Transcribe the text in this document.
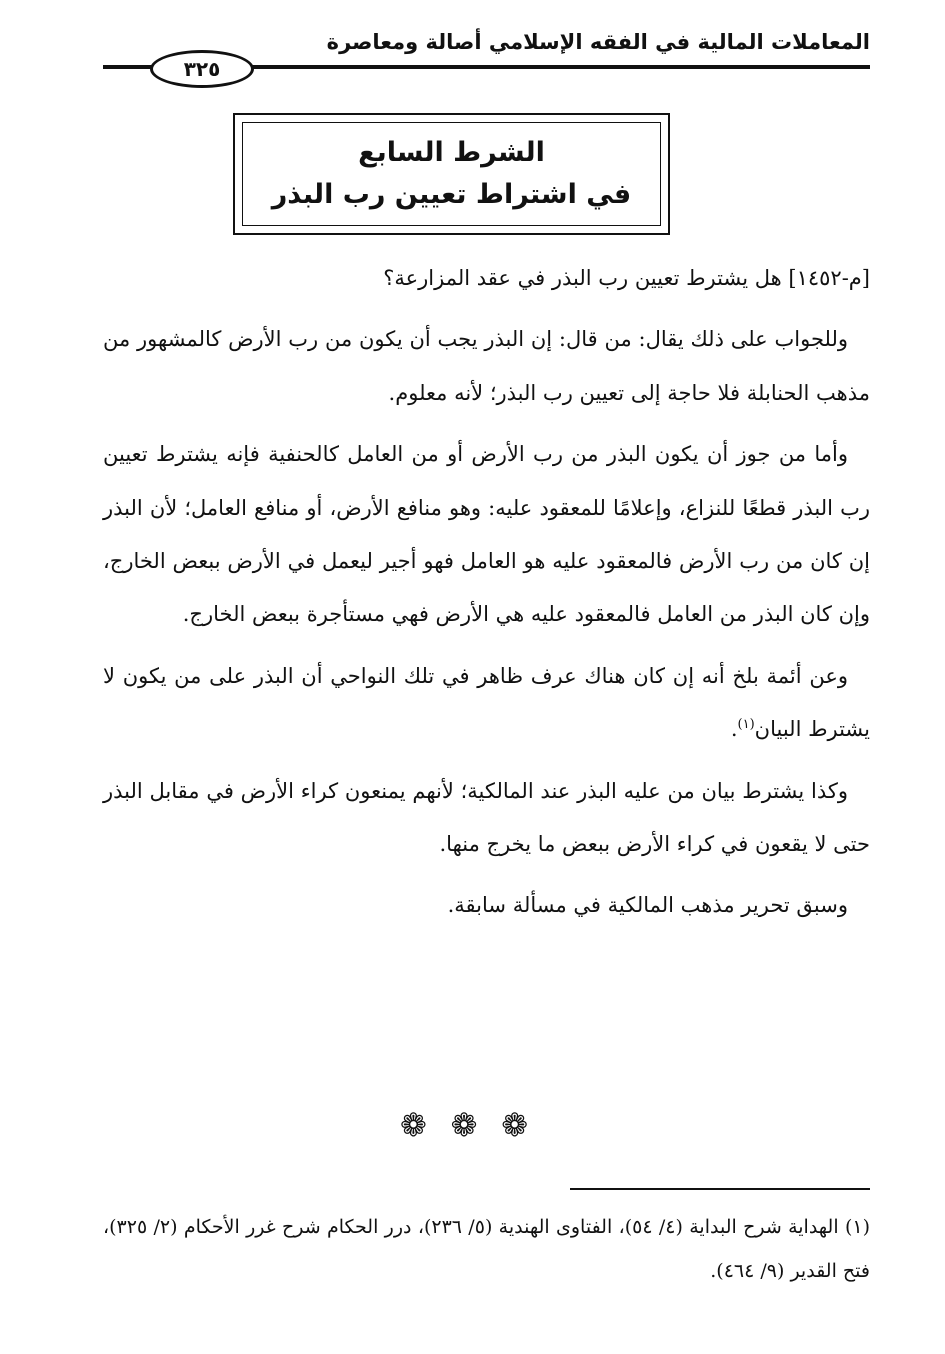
المعاملات المالية في الفقه الإسلامي أصالة ومعاصرة
٣٢٥
الشرط السابع
في اشتراط تعيين رب البذر

[م-١٤٥٢] هل يشترط تعيين رب البذر في عقد المزارعة؟

وللجواب على ذلك يقال: من قال: إن البذر يجب أن يكون من رب الأرض كالمشهور من مذهب الحنابلة فلا حاجة إلى تعيين رب البذر؛ لأنه معلوم.

وأما من جوز أن يكون البذر من رب الأرض أو من العامل كالحنفية فإنه يشترط تعيين رب البذر قطعًا للنزاع، وإعلامًا للمعقود عليه: وهو منافع الأرض، أو منافع العامل؛ لأن البذر إن كان من رب الأرض فالمعقود عليه هو العامل فهو أجير ليعمل في الأرض ببعض الخارج، وإن كان البذر من العامل فالمعقود عليه هي الأرض فهي مستأجرة ببعض الخارج.

وعن أئمة بلخ أنه إن كان هناك عرف ظاهر في تلك النواحي أن البذر على من يكون لا يشترط البيان$^{(١)}$.

وكذا يشترط بيان من عليه البذر عند المالكية؛ لأنهم يمنعون كراء الأرض في مقابل البذر حتى لا يقعون في كراء الأرض ببعض ما يخرج منها.

وسبق تحرير مذهب المالكية في مسألة سابقة.

❁ ❁ ❁
(١) الهداية شرح البداية (٤/ ٥٤)، الفتاوى الهندية (٥/ ٢٣٦)، درر الحكام شرح غرر الأحكام (٢/ ٣٢٥)، فتح القدير (٩/ ٤٦٤).
